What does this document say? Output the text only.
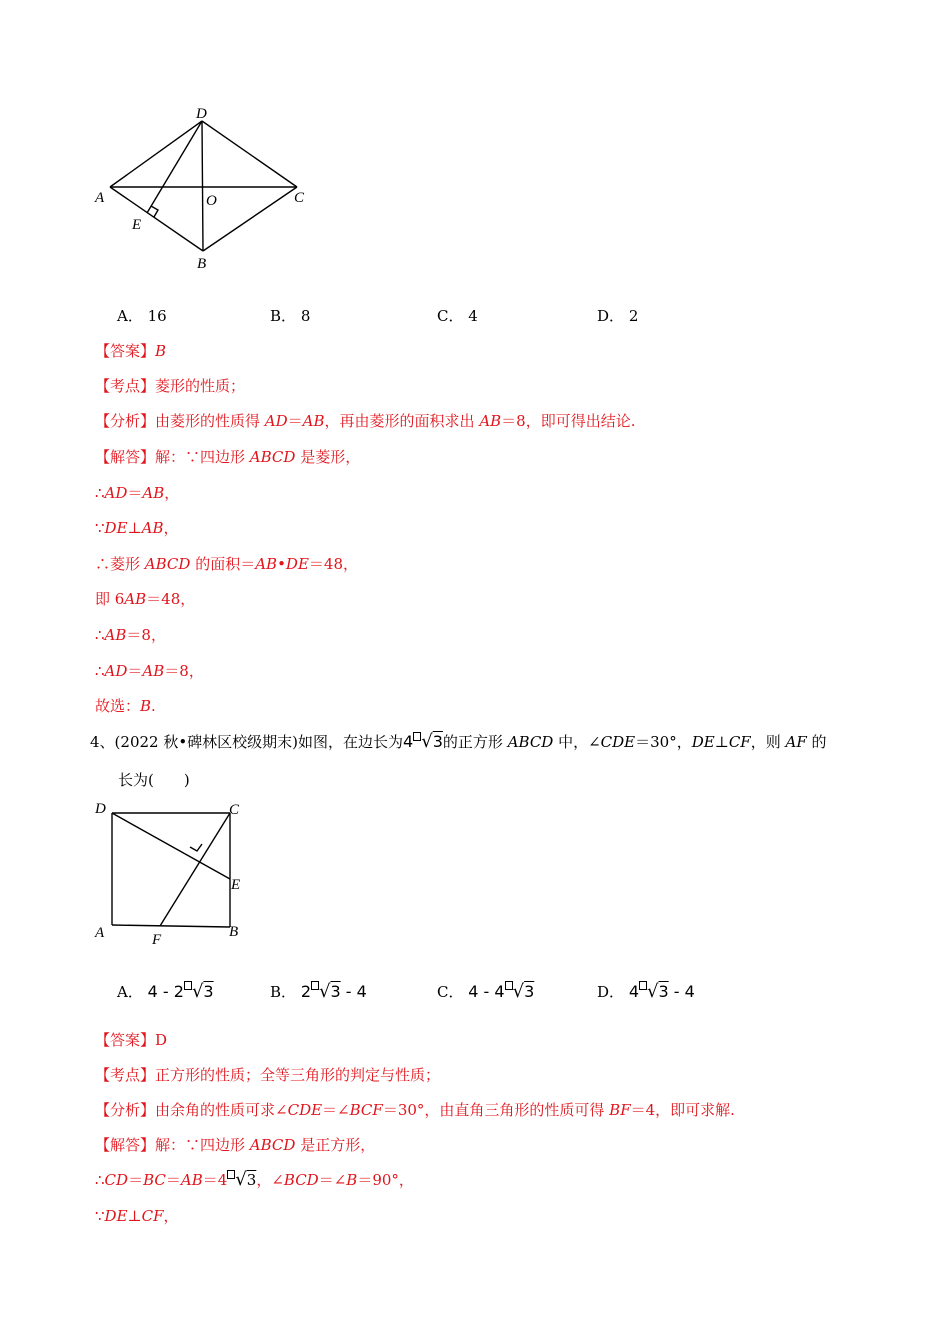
D
A	O	C
E
B
A． 16	B． 8	C． 4	D． 2
【答案】B
【考点】菱形的性质；
【分析】由菱形的性质得 AD＝AB，再由菱形的面积求出 AB＝8，即可得出结论.
【解答】解：∵四边形 ABCD 是菱形，
∴AD＝AB，
∵DE⊥AB，
∴菱形 ABCD 的面积＝AB•DE＝48，
即 6AB＝48，
∴AB＝8，
∴AD＝AB＝8，
故选：B.
4、(2022 秋•碑林区校级期末)如图，在边长为4 √3的正方形 ABCD 中，∠CDE＝30°，DE⊥CF，则 AF 的
长为(　　)
D	C
E
A	F	B
A． 4 - 2 √3	B． 2 √3 - 4	C． 4 - 4 √3	D． 4 √3 - 4
【答案】D
【考点】正方形的性质；全等三角形的判定与性质；
【分析】由余角的性质可求∠CDE＝∠BCF＝30°，由直角三角形的性质可得 BF＝4，即可求解.
【解答】解：∵四边形 ABCD 是正方形，
∴CD＝BC＝AB＝4 √3，∠BCD＝∠B＝90°，
∵DE⊥CF，
